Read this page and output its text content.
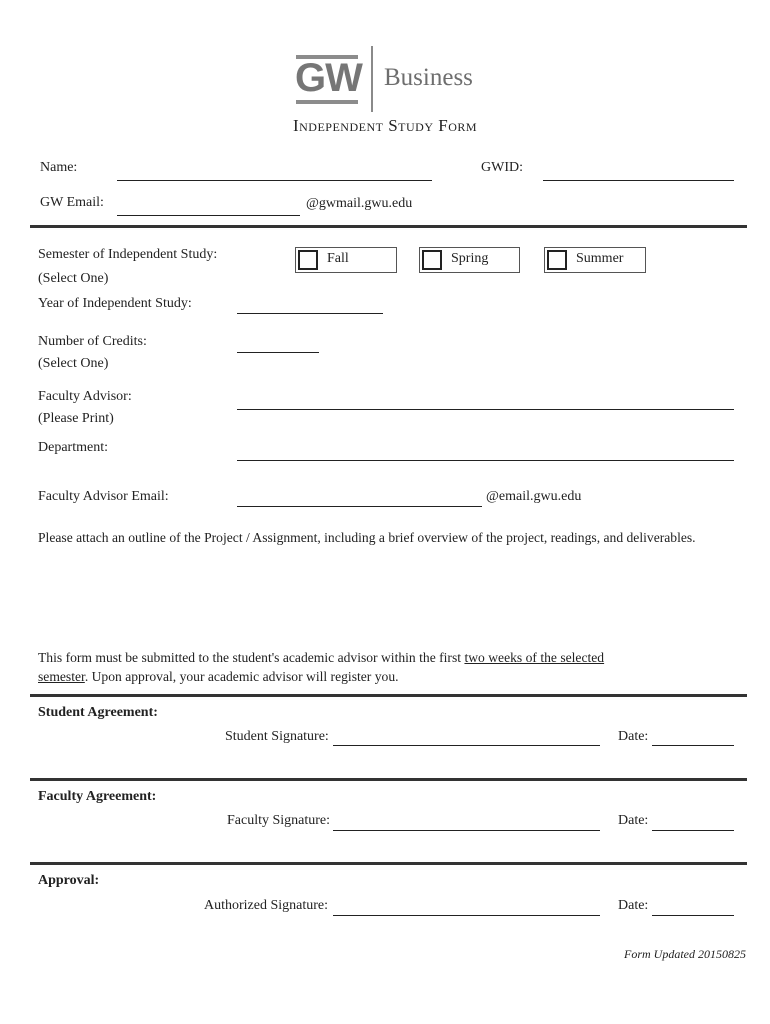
GW Business
Independent Study Form
Name:	GWID:
GW Email:	@gwmail.gwu.edu
Semester of Independent Study:
(Select One)
Fall	Spring	Summer
Year of Independent Study:
Number of Credits:
(Select One)
Faculty Advisor:
(Please Print)
Department:
Faculty Advisor Email:	@email.gwu.edu
Please attach an outline of the Project / Assignment, including a brief overview of the project, readings, and deliverables.
This form must be submitted to the student's academic advisor within the first two weeks of the selected
semester. Upon approval, your academic advisor will register you.
Student Agreement:
Student Signature:	Date:
Faculty Agreement:
Faculty Signature:	Date:
Approval:
Authorized Signature:	Date:
Form Updated 20150825
